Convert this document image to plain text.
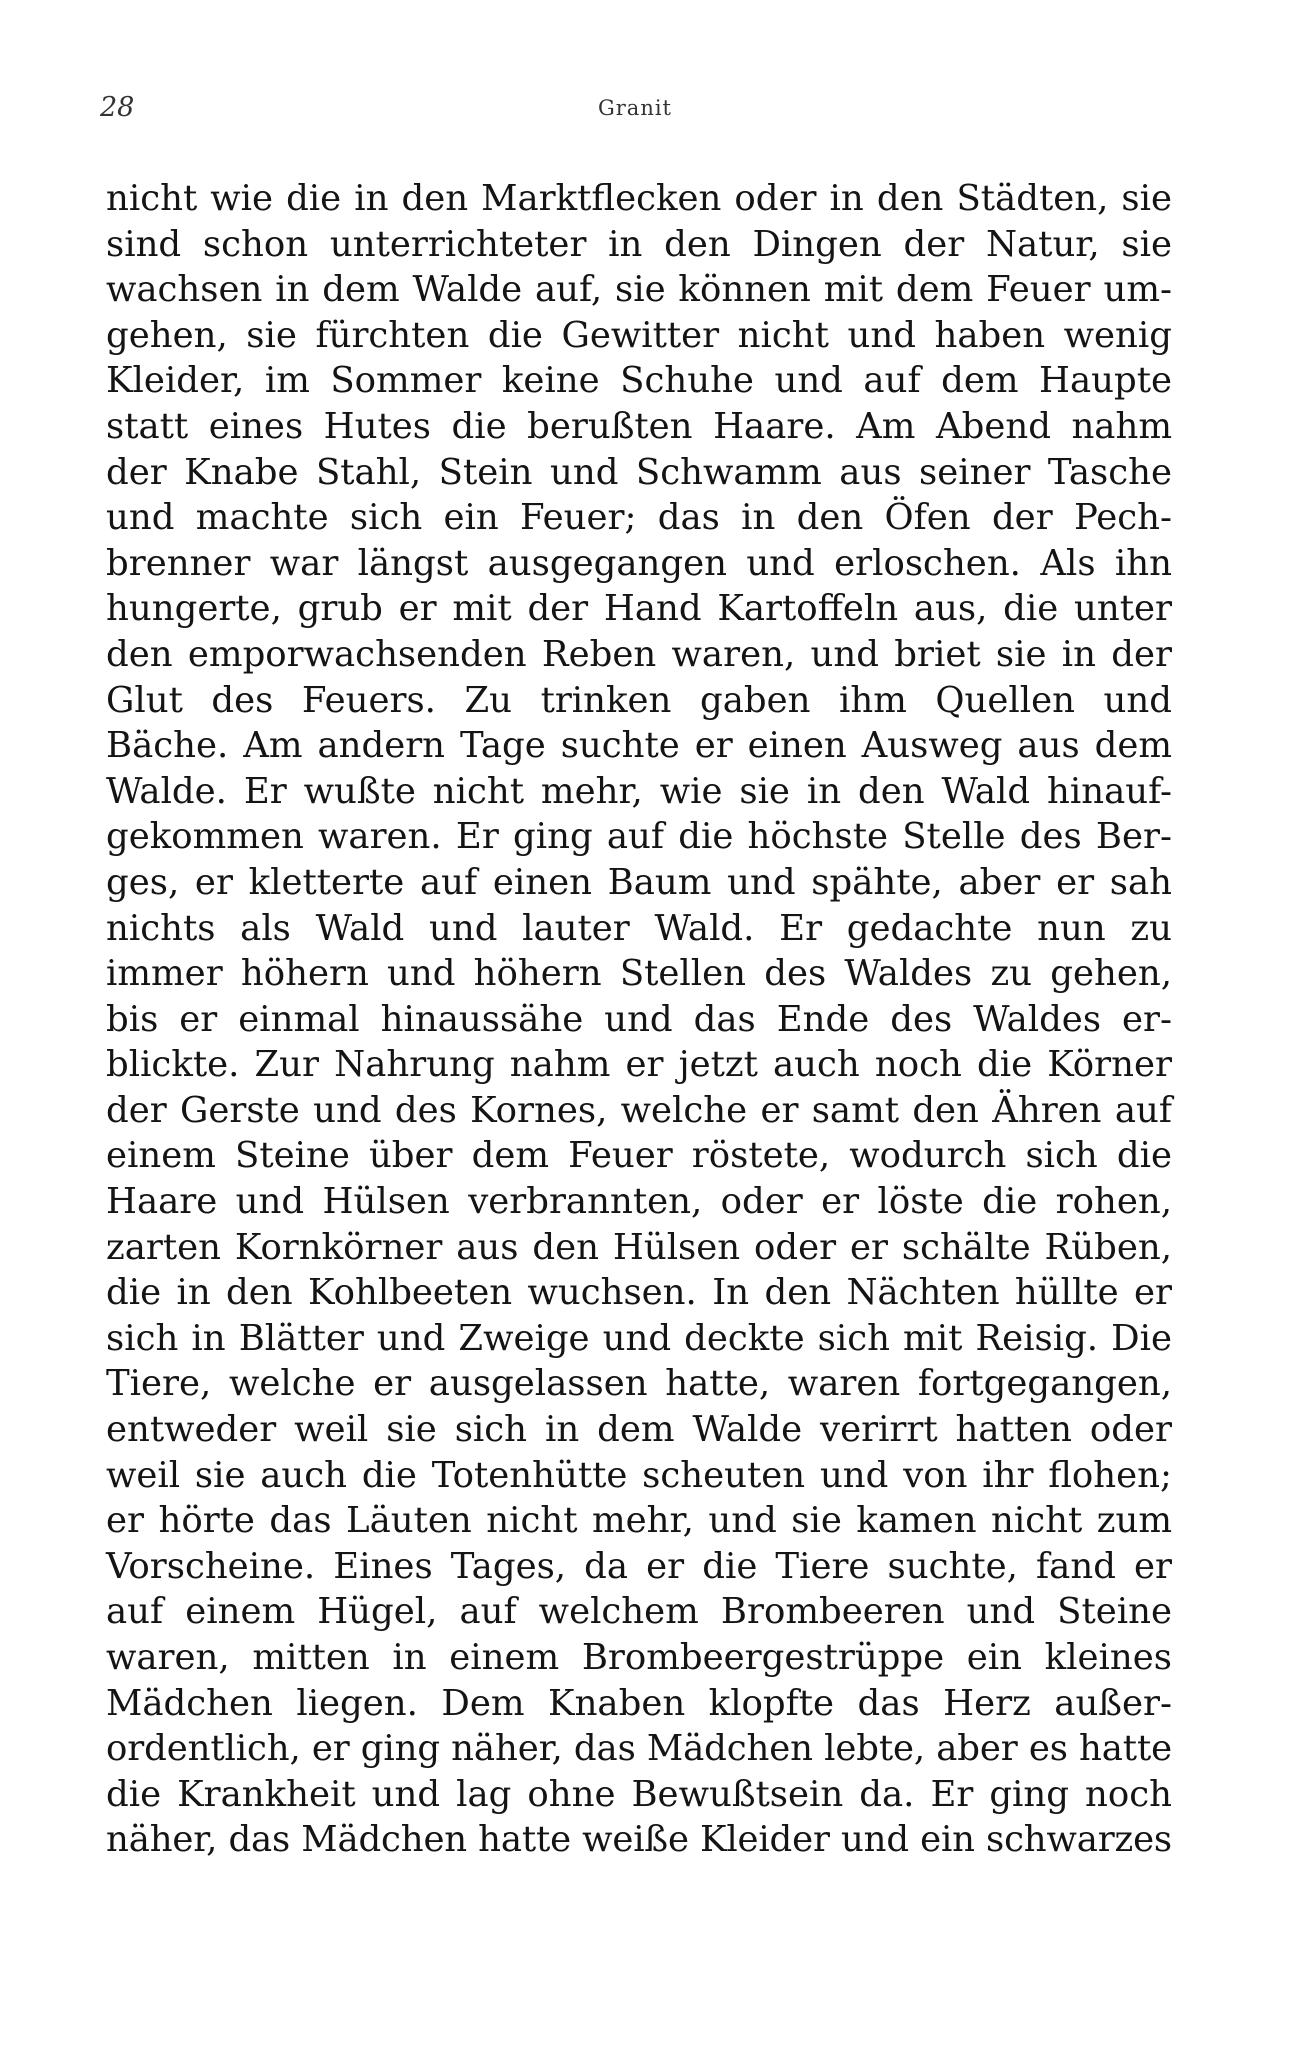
28	Granit
nicht wie die in den Marktflecken oder in den Städten, sie
sind schon unterrichteter in den Dingen der Natur, sie
wachsen in dem Walde auf, sie können mit dem Feuer um-
gehen, sie fürchten die Gewitter nicht und haben wenig
Kleider, im Sommer keine Schuhe und auf dem Haupte
statt eines Hutes die berußten Haare. Am Abend nahm
der Knabe Stahl, Stein und Schwamm aus seiner Tasche
und machte sich ein Feuer; das in den Öfen der Pech-
brenner war längst ausgegangen und erloschen. Als ihn
hungerte, grub er mit der Hand Kartoffeln aus, die unter
den emporwachsenden Reben waren, und briet sie in der
Glut des Feuers. Zu trinken gaben ihm Quellen und
Bäche. Am andern Tage suchte er einen Ausweg aus dem
Walde. Er wußte nicht mehr, wie sie in den Wald hinauf-
gekommen waren. Er ging auf die höchste Stelle des Ber-
ges, er kletterte auf einen Baum und spähte, aber er sah
nichts als Wald und lauter Wald. Er gedachte nun zu
immer höhern und höhern Stellen des Waldes zu gehen,
bis er einmal hinaussähe und das Ende des Waldes er-
blickte. Zur Nahrung nahm er jetzt auch noch die Körner
der Gerste und des Kornes, welche er samt den Ähren auf
einem Steine über dem Feuer röstete, wodurch sich die
Haare und Hülsen verbrannten, oder er löste die rohen,
zarten Kornkörner aus den Hülsen oder er schälte Rüben,
die in den Kohlbeeten wuchsen. In den Nächten hüllte er
sich in Blätter und Zweige und deckte sich mit Reisig. Die
Tiere, welche er ausgelassen hatte, waren fortgegangen,
entweder weil sie sich in dem Walde verirrt hatten oder
weil sie auch die Totenhütte scheuten und von ihr flohen;
er hörte das Läuten nicht mehr, und sie kamen nicht zum
Vorscheine. Eines Tages, da er die Tiere suchte, fand er
auf einem Hügel, auf welchem Brombeeren und Steine
waren, mitten in einem Brombeergestrüppe ein kleines
Mädchen liegen. Dem Knaben klopfte das Herz außer-
ordentlich, er ging näher, das Mädchen lebte, aber es hatte
die Krankheit und lag ohne Bewußtsein da. Er ging noch
näher, das Mädchen hatte weiße Kleider und ein schwarzes
